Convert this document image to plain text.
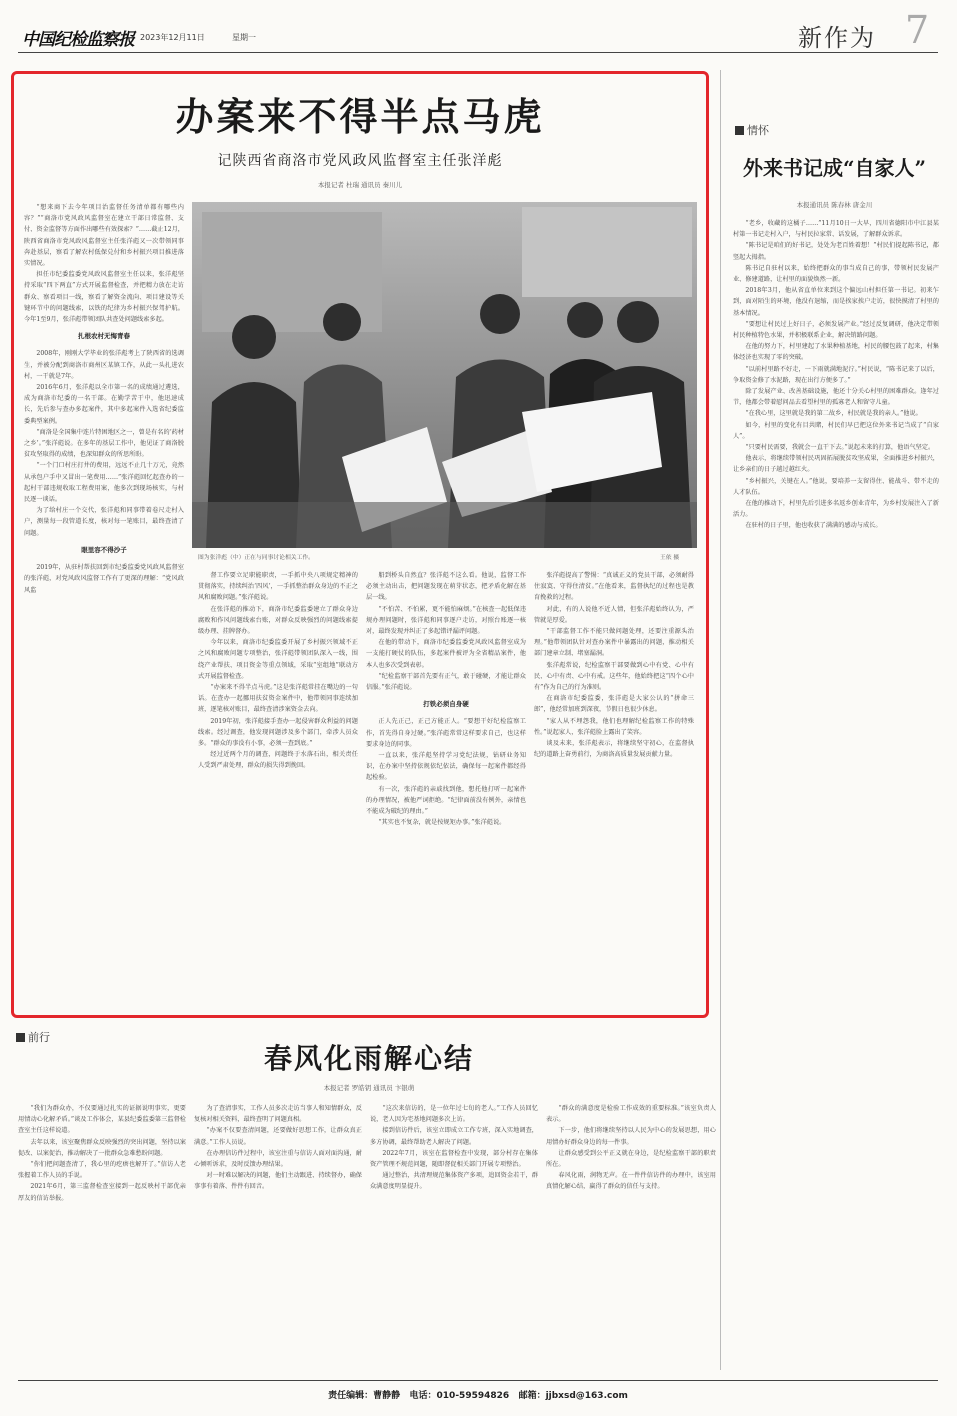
中国纪检监察报 2023年12月11日	星期一	新作为 7
办案来不得半点马虎
记陕西省商洛市党风政风监督室主任张洋彪
本报记者 杜瑞 通讯员 秦川儿
图为张洋彪（中）正在与同事讨论相关工作。	王依 摄

“想来商下去今年项目治监督任务清单都有哪些内容？”“商洛市党风政风监督室在建立干部日常监督、支付、资金监督等方面作出哪些有效探索？”……截止12月，陕西省商洛市党风政风监督室主任张洋彪又一次带领同事奔赴基层，察看了解农村低保兑付和乡村振兴项目推进落实情况。

担任市纪委监委党风政风监督室主任以来，张洋彪坚持采取“四下两直”方式开展监督检查，并把精力放在走访群众、察看项目一线，察看了解资金流向、项目建设等关键环节中的问题线索，以铁的纪律为乡村振兴保驾护航。今年1至9月，张洋彪带领团队共查处问题线索多起。

扎根农村无悔青春

2008年，刚刚大学毕业的张洋彪考上了陕西省的选调生，并被分配到商洛市商州区某镇工作，从此一头扎进农村，一干就是7年。

2016年6月，张洋彪以全市第一名的成绩通过遴选，成为商洛市纪委的一名干部。在勤学苦干中，他迅速成长，先后参与查办多起案件，其中多起案件入选省纪委监委典型案例。

“商洛是全国集中连片特困地区之一，曾是有名的‘药材之乡’。”张洋彪说。在多年的基层工作中，他见证了商洛脱贫攻坚取得的成绩，也深知群众的所思所盼。

“一个门口村庄打井的费用，远远不止几十万元，竟然从承包户手中又冒出一笔费用……”张洋彪回忆起查办的一起村干部违规收取工程费用案，他多次到现场核实，与村民逐一谈话。

为了给村庄一个交代，张洋彪和同事带着卷尺走村入户，测量每一段管道长度，核对每一笔账目，最终查清了问题。

眼里容不得沙子

2019年，从驻村帮扶回到市纪委监委党风政风监督室的张洋彪，对党风政风监督工作有了更深的理解：“党风政风监

督工作要立足职能职责，一手抓中央八项规定精神的贯彻落实，持续纠治‘四风’，一手抓整治群众身边的不正之风和腐败问题。”张洋彪说。

在张洋彪的推动下，商洛市纪委监委建立了群众身边腐败和作风问题线索台账，对群众反映强烈的问题线索提级办理、挂牌督办。

今年以来，商洛市纪委监委开展了乡村振兴领域不正之风和腐败问题专项整治，张洋彪带领团队深入一线，围绕产业帮扶、项目资金等重点领域，采取“室组地”联动方式开展监督检查。

“办案来不得半点马虎。”这是张洋彪常挂在嘴边的一句话。在查办一起挪用扶贫资金案件中，他带领同事连续加班，逐笔核对账目，最终查清涉案资金去向。

2019年初，张洋彪接手查办一起侵害群众利益的问题线索。经过调查，他发现问题涉及多个部门，牵涉人员众多。“群众的事没有小事，必须一查到底。”

经过近两个月的调查，问题终于水落石出，相关责任人受到严肃处理，群众的损失得到挽回。

船到桥头自然直？张洋彪不这么看。他说，监督工作必须主动出击，把问题发现在萌芽状态，把矛盾化解在基层一线。

“不怕苦、不怕累，更不能怕麻烦。”在核查一起低保违规办理问题时，张洋彪和同事逐户走访，对照台账逐一核对，最终发现并纠正了多起错评漏评问题。

在他的带动下，商洛市纪委监委党风政风监督室成为一支能打硬仗的队伍，多起案件被评为全省精品案件，他本人也多次受到表彰。

“纪检监察干部首先要有正气，敢于碰硬，才能让群众信服。”张洋彪说。

打铁必须自身硬

正人先正己，正己方能正人。“要想干好纪检监察工作，首先得自身过硬。”张洋彪常常这样要求自己，也这样要求身边的同事。

一直以来，张洋彪坚持学习党纪法规，钻研业务知识，在办案中坚持依规依纪依法，确保每一起案件都经得起检验。

有一次，张洋彪的亲戚找到他，想托他打听一起案件的办理情况，被他严词拒绝。“纪律面前没有例外，亲情也不能成为破纪的理由。”

“其实也不复杂，就是按规矩办事。”张洋彪说。

张洋彪提高了警惕：“真诚正义的党员干部，必须耐得住寂寞、守得住清贫。”在他看来，监督执纪的过程也是教育挽救的过程。

对此，有的人说他不近人情，但张洋彪始终认为，严管就是厚爱。

“干部监督工作不能只做问题处理，还要注重源头治理。”他带领团队针对查办案件中暴露出的问题，推动相关部门建章立制、堵塞漏洞。

张洋彪常说，纪检监察干部要做到心中有党、心中有民、心中有责、心中有戒。这些年，他始终把这“四个心中有”作为自己的行为准则。

在商洛市纪委监委，张洋彪是大家公认的“拼命三郎”，他经常加班到深夜，节假日也很少休息。

“家人从不埋怨我，他们也理解纪检监察工作的特殊性。”说起家人，张洋彪脸上露出了笑容。

谈及未来，张洋彪表示，将继续坚守初心，在监督执纪的道路上奋勇前行，为商洛高质量发展贡献力量。

情怀
外来书记成“自家人”
本报通讯员 陈春林 唐金川

“老乡，收藏的这橘子……”11月10日一大早，四川省德阳市中江县某村第一书记走村入户，与村民拉家常、话发展，了解群众诉求。

“陈书记是咱们的好书记，处处为老百姓着想！”村民们提起陈书记，都竖起大拇指。

陈书记自驻村以来，始终把群众的事当成自己的事，带领村民发展产业、修建道路，让村里的面貌焕然一新。

2018年3月，他从省直单位来到这个偏远山村担任第一书记。初来乍到，面对陌生的环境，他没有退缩，而是挨家挨户走访，很快摸清了村里的基本情况。

“要想让村民过上好日子，必须发展产业。”经过反复调研，他决定带领村民种植特色水果，并积极联系企业，解决销路问题。

在他的努力下，村里建起了水果种植基地，村民的腰包鼓了起来，村集体经济也实现了零的突破。

“以前村里路不好走，一下雨就满地泥泞。”村民说，“陈书记来了以后，争取资金修了水泥路，现在出行方便多了。”

除了发展产业、改善基础设施，他还十分关心村里的困难群众。逢年过节，他都会带着慰问品去看望村里的孤寡老人和留守儿童。

“在我心里，这里就是我的第二故乡，村民就是我的亲人。”他说。

如今，村里的变化有目共睹，村民们早已把这位外来书记当成了“自家人”。

“只要村民需要，我就会一直干下去。”说起未来的打算，他语气坚定。

他表示，将继续带领村民巩固拓展脱贫攻坚成果，全面推进乡村振兴，让乡亲们的日子越过越红火。

“乡村振兴，关键在人。”他说，要培养一支留得住、能战斗、带不走的人才队伍。

在他的推动下，村里先后引进多名返乡创业青年，为乡村发展注入了新活力。

在驻村的日子里，他也收获了满满的感动与成长。

前行
春风化雨解心结
本报记者 罗皓钥 通讯员 卞银萌

“我们为群众办，不仅要通过扎实的证据说明事实，更要用情动心化解矛盾。”谈及工作体会，某县纪委监委第三监督检查室主任这样说道。

去年以来，该室聚焦群众反映强烈的突出问题，坚持以案促改、以案促治，推动解决了一批群众急难愁盼问题。

“你们把问题查清了，我心里的疙瘩也解开了。”信访人老张握着工作人员的手说。

2021年6月，第三监督检查室接到一起反映村干部优亲厚友的信访举报。

为了查清事实，工作人员多次走访当事人和知情群众，反复核对相关资料，最终查明了问题真相。

“办案不仅要查清问题，还要做好思想工作，让群众真正满意。”工作人员说。

在办理信访件过程中，该室注重与信访人面对面沟通，耐心倾听诉求，及时反馈办理结果。

对一时难以解决的问题，他们主动跟进、持续督办，确保事事有着落、件件有回音。

“这次来信访的，是一位年过七旬的老人。”工作人员回忆说，老人因为宅基地问题多次上访。

接到信访件后，该室立即成立工作专班，深入实地调查，多方协调，最终帮助老人解决了问题。

2022年7月，该室在监督检查中发现，部分村存在集体资产管理不规范问题，随即督促相关部门开展专项整治。

通过整治，共清理规范集体资产多项，追回资金若干，群众满意度明显提升。

“群众的满意度是检验工作成效的重要标准。”该室负责人表示。

下一步，他们将继续坚持以人民为中心的发展思想，用心用情办好群众身边的每一件事。

让群众感受到公平正义就在身边，是纪检监察干部的职责所在。

春风化雨，润物无声。在一件件信访件的办理中，该室用真情化解心结，赢得了群众的信任与支持。

责任编辑：曹静静 电话：010-59594826 邮箱：jjbxsd@163.com
